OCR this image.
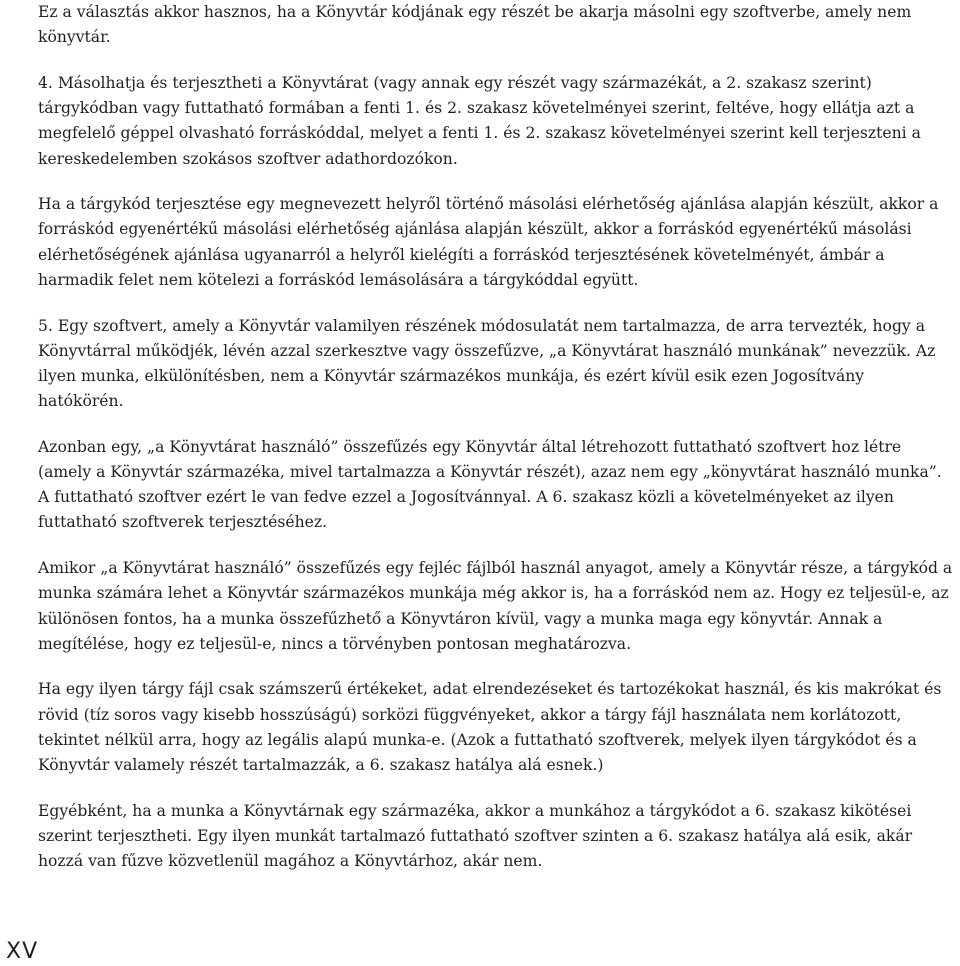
Ez a választás akkor hasznos, ha a Könyvtár kódjának egy részét be akarja másolni egy szoftverbe, amely nem könyvtár.

4. Másolhatja és terjesztheti a Könyvtárat (vagy annak egy részét vagy származékát, a 2. szakasz szerint) tárgykódban vagy futtatható formában a fenti 1. és 2. szakasz követelményei szerint, feltéve, hogy ellátja azt a megfelelő géppel olvasható forráskóddal, melyet a fenti 1. és 2. szakasz követelményei szerint kell terjeszteni a kereskedelemben szokásos szoftver adathordozókon.

Ha a tárgykód terjesztése egy megnevezett helyről történő másolási elérhetőség ajánlása alapján készült, akkor a forráskód egyenértékű másolási elérhetőség ajánlása alapján készült, akkor a forráskód egyenértékű másolási elérhetőségének ajánlása ugyanarról a helyről kielégíti a forráskód terjesztésének követelményét, ámbár a harmadik felet nem kötelezi a forráskód lemásolására a tárgykóddal együtt.

5. Egy szoftvert, amely a Könyvtár valamilyen részének módosulatát nem tartalmazza, de arra tervezték, hogy a Könyvtárral működjék, lévén azzal szerkesztve vagy összefűzve, „a Könyvtárat használó munkának” nevezzük. Az ilyen munka, elkülönítésben, nem a Könyvtár származékos munkája, és ezért kívül esik ezen Jogosítvány hatókörén.

Azonban egy, „a Könyvtárat használó” összefűzés egy Könyvtár által létrehozott futtatható szoftvert hoz létre (amely a Könyvtár származéka, mivel tartalmazza a Könyvtár részét), azaz nem egy „könyvtárat használó munka”. A futtatható szoftver ezért le van fedve ezzel a Jogosítvánnyal. A 6. szakasz közli a követelményeket az ilyen futtatható szoftverek terjesztéséhez.

Amikor „a Könyvtárat használó” összefűzés egy fejléc fájlból használ anyagot, amely a Könyvtár része, a tárgykód a munka számára lehet a Könyvtár származékos munkája még akkor is, ha a forráskód nem az. Hogy ez teljesül-e, az különösen fontos, ha a munka összefűzhető a Könyvtáron kívül, vagy a munka maga egy könyvtár. Annak a megítélése, hogy ez teljesül-e, nincs a törvényben pontosan meghatározva.

Ha egy ilyen tárgy fájl csak számszerű értékeket, adat elrendezéseket és tartozékokat használ, és kis makrókat és rövid (tíz soros vagy kisebb hosszúságú) sorközi függvényeket, akkor a tárgy fájl használata nem korlátozott, tekintet nélkül arra, hogy az legális alapú munka-e. (Azok a futtatható szoftverek, melyek ilyen tárgykódot és a Könyvtár valamely részét tartalmazzák, a 6. szakasz hatálya alá esnek.)

Egyébként, ha a munka a Könyvtárnak egy származéka, akkor a munkához a tárgykódot a 6. szakasz kikötései szerint terjesztheti. Egy ilyen munkát tartalmazó futtatható szoftver szinten a 6. szakasz hatálya alá esik, akár hozzá van fűzve közvetlenül magához a Könyvtárhoz, akár nem.

XV
